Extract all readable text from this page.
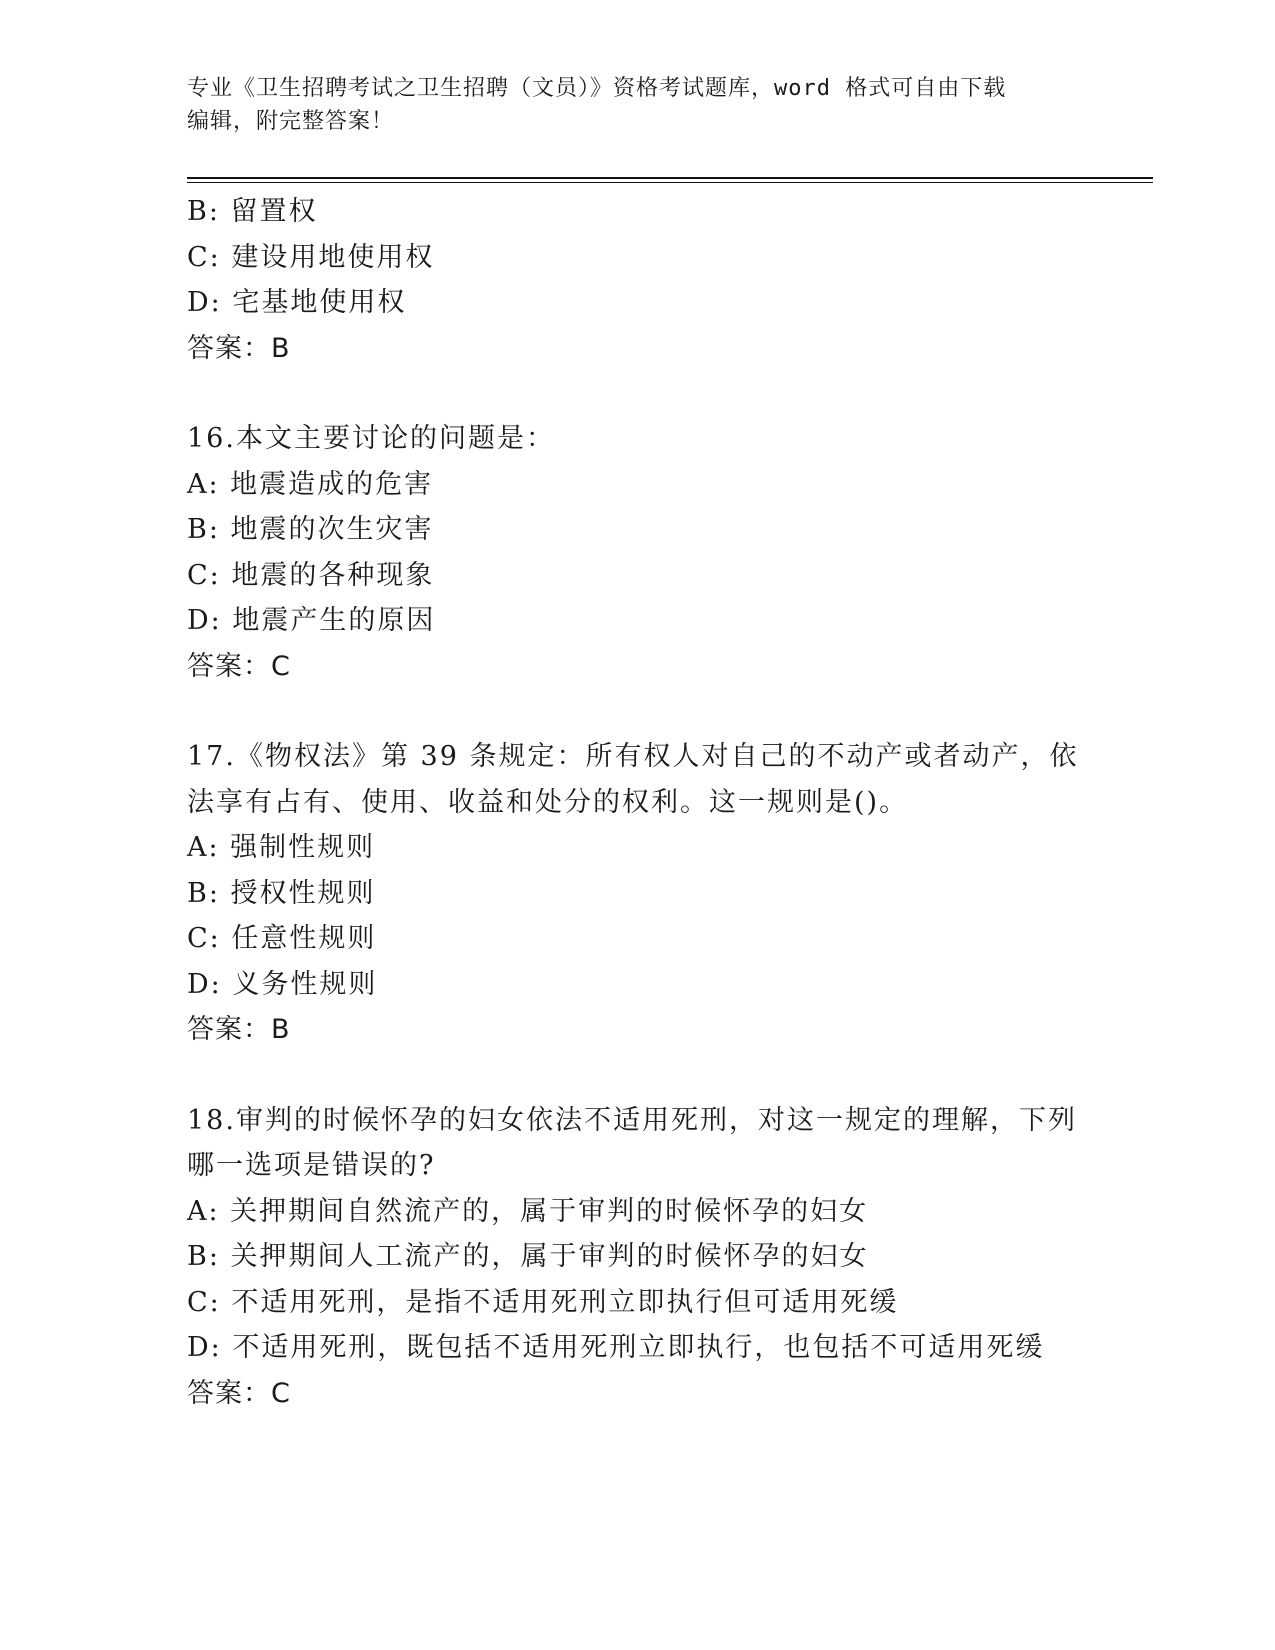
专业《卫生招聘考试之卫生招聘（文员）》资格考试题库，word 格式可自由下载
编辑，附完整答案！
B: 留置权
C: 建设用地使用权
D: 宅基地使用权
答案：B
16.本文主要讨论的问题是：
A: 地震造成的危害
B: 地震的次生灾害
C: 地震的各种现象
D: 地震产生的原因
答案：C
17.《物权法》第 39 条规定：所有权人对自己的不动产或者动产，依
法享有占有、使用、收益和处分的权利。这一规则是()。
A: 强制性规则
B: 授权性规则
C: 任意性规则
D: 义务性规则
答案：B
18.审判的时候怀孕的妇女依法不适用死刑，对这一规定的理解，下列
哪一选项是错误的?
A: 关押期间自然流产的，属于审判的时候怀孕的妇女
B: 关押期间人工流产的，属于审判的时候怀孕的妇女
C: 不适用死刑，是指不适用死刑立即执行但可适用死缓
D: 不适用死刑，既包括不适用死刑立即执行，也包括不可适用死缓
答案：C
